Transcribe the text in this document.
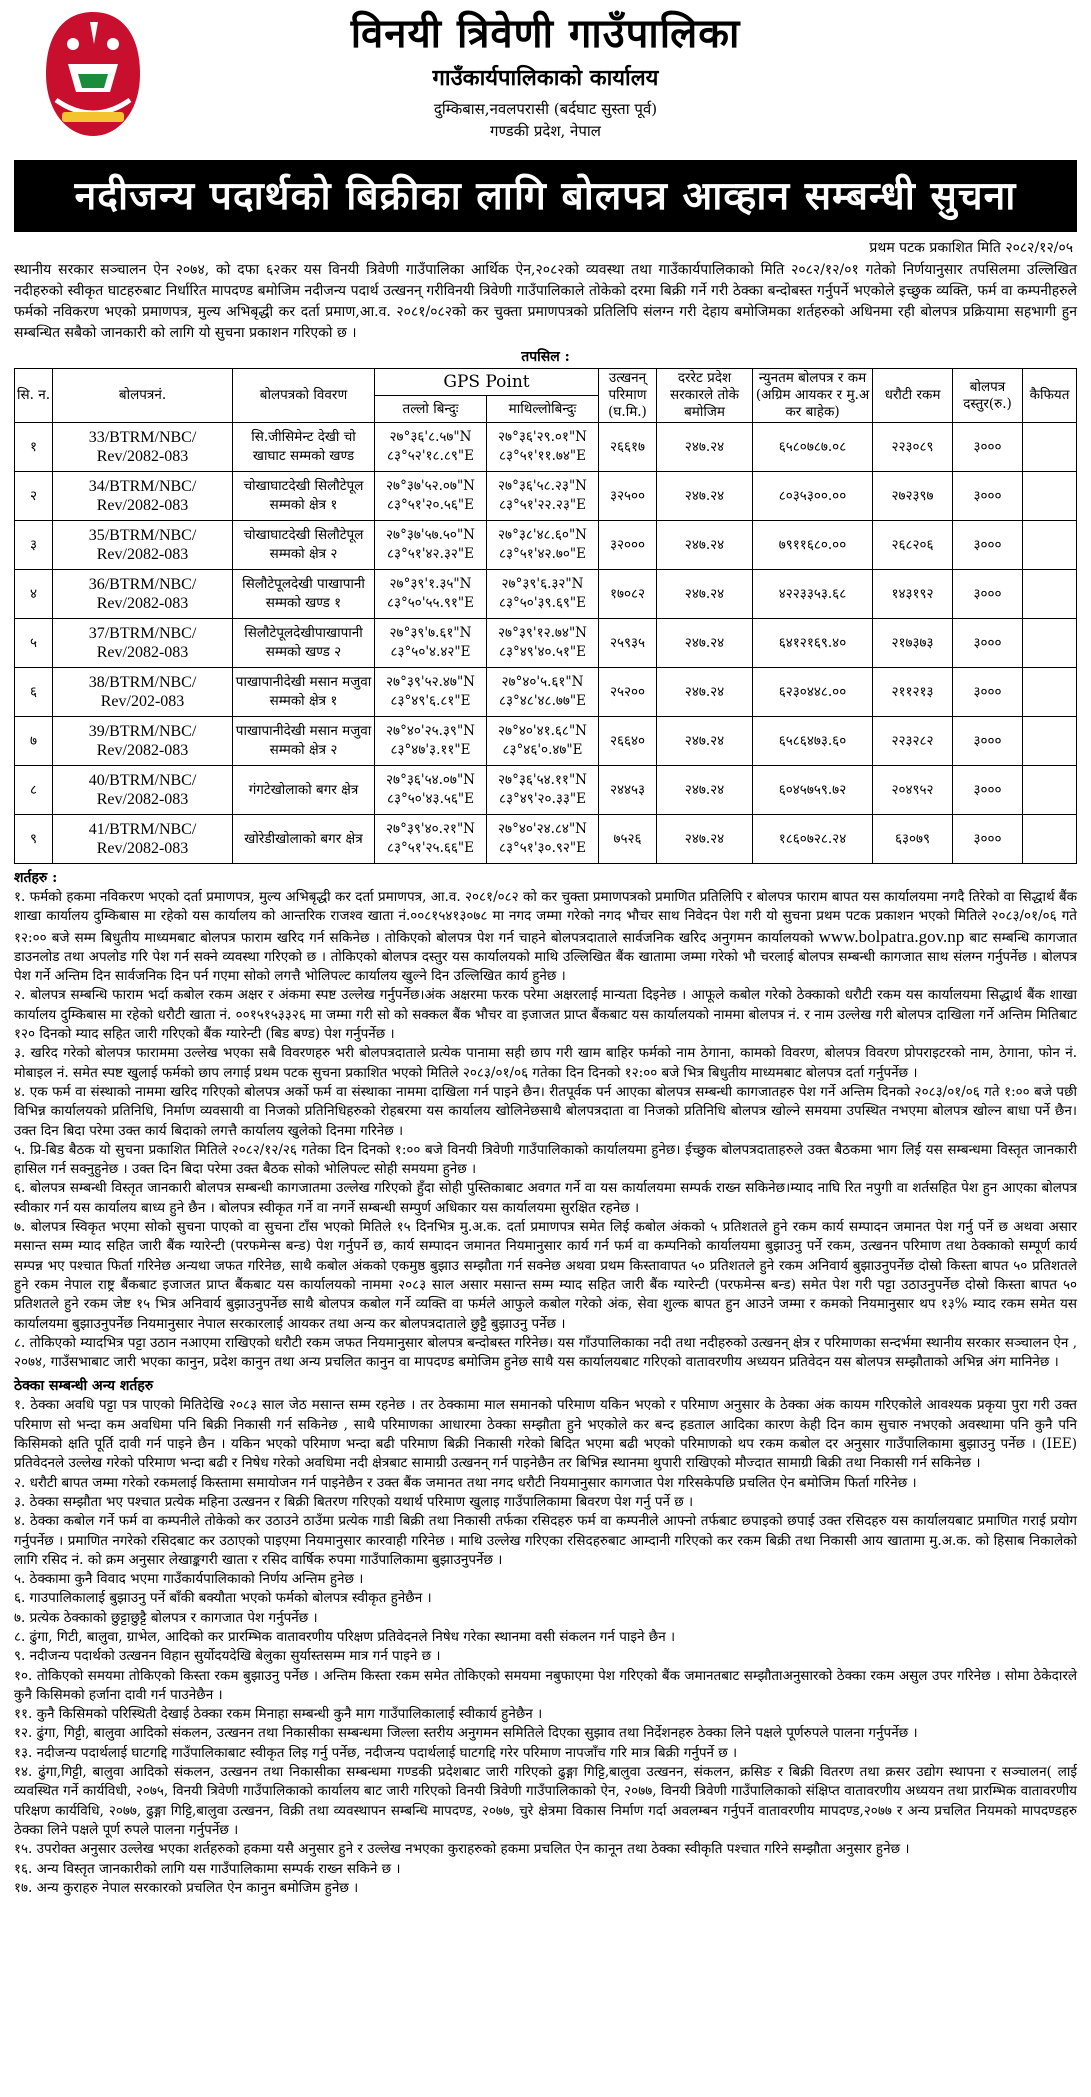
विनयी त्रिवेणी गाउँपालिका
गाउँकार्यपालिकाको कार्यालय
दुम्किबास,नवलपरासी (बर्दघाट सुस्ता पूर्व)
गण्डकी प्रदेश, नेपाल
नदीजन्य पदार्थको बिक्रीका लागि बोलपत्र आव्हान सम्बन्धी सुचना
प्रथम पटक प्रकाशित मिति २०८२/१२/०५
स्थानीय सरकार सञ्चालन ऐन २०७४, को दफा ६२कर यस विनयी त्रिवेणी गाउँपालिका आर्थिक ऐन,२०८२को व्यवस्था तथा गाउँकार्यपालिकाको मिति २०८२/१२/०१ गतेको निर्णयानुसार तपसिलमा उल्लिखित नदीहरुको स्वीकृत घाटहरुबाट निर्धारित मापदण्ड बमोजिम नदीजन्य पदार्थ उत्खनन् गरीविनयी त्रिवेणी गाउँपालिकाले तोकेको दरमा बिक्री गर्ने गरी ठेक्का बन्दोबस्त गर्नुपर्ने भएकोले इच्छुक व्यक्ति, फर्म वा कम्पनीहरुले फर्मको नविकरण भएको प्रमाणपत्र, मुल्य अभिबृद्धी कर दर्ता प्रमाण,आ.व. २०८१/०८२को कर चुक्ता प्रमाणपत्रको प्रतिलिपि संलग्न गरी देहाय बमोजिमका शर्तहरुको अधिनमा रही बोलपत्र प्रक्रियामा सहभागी हुन सम्बन्धित सबैको जानकारी को लागि यो सुचना प्रकाशन गरिएको छ ।
तपसिल :
सि. न.	बोलपत्रनं.	बोलपत्रको विवरण	GPS Point		उत्खनन् परिमाण (घ.मि.)	दररेट प्रदेश सरकारले तोके बमोजिम	न्युनतम बोलपत्र र कम (अग्रिम आयकर र मु.अ कर बाहेक)	धरौटी रकम	बोलपत्र दस्तुर(रु.)	कैफियत
			तल्लो बिन्दुः	माथिल्लोबिन्दुः						
१	33/BTRM/NBC/
Rev/2082-083	सि.जीसिमेन्ट देखी चो खाघाट सम्मको खण्ड	२७°३६'८.५७"N
८३°५२'१८.८९"E	२७°३६'२९.०१"N
८३°५१'११.७४"E	२६६१७	२४७.२४	६५८०७८७.०८	२२३०८९	३०००	
२	34/BTRM/NBC/
Rev/2082-083	चोखाघाटदेखी सिलौटेपूल सम्मको क्षेत्र १	२७°३७'५२.०७"N
८३°५१'२०.५६"E	२७°३६'५८.२३"N
८३°५१'२२.२३"E	३२५००	२४७.२४	८०३५३००.००	२७२३९७	३०००	
३	35/BTRM/NBC/
Rev/2082-083	चोखाघाटदेखी सिलौटेपूल सम्मको क्षेत्र २	२७°३७'५७.५०"N
८३°५१'४२.३२"E	२७°३८'४८.६०"N
८३°५१'४२.७०"E	३२०००	२४७.२४	७९११६८०.००	२६८२०६	३०००	
४	36/BTRM/NBC/
Rev/2082-083	सिलौटेपूलदेखी पाखापानी सम्मको खण्ड १	२७°३९'१.३५"N
८३°५०'५५.९१"E	२७°३९'६.३२"N
८३°५०'३९.६९"E	१७०८२	२४७.२४	४२२३३५३.६८	१४३१९२	३०००	
५	37/BTRM/NBC/
Rev/2082-083	सिलौटेपूलदेखीपाखापानी सम्मको खण्ड २	२७°३९'७.६१"N
८३°५०'४.४२"E	२७°३९'१२.७४"N
८३°४९'४०.५१"E	२५९३५	२४७.२४	६४१२१६९.४०	२१७३७३	३०००	
६	38/BTRM/NBC/
Rev/202-083	पाखापानीदेखी मसान मजुवा सम्मको क्षेत्र १	२७°३९'५२.४७"N
८३°४९'६.८१"E	२७°४०'५.६१"N
८३°४८'४८.७७"E	२५२००	२४७.२४	६२३०४४८.००	२११२१३	३०००	
७	39/BTRM/NBC/
Rev/2082-083	पाखापानीदेखी मसान मजुवा सम्मको क्षेत्र २	२७°४०'२५.३९"N
८३°४७'३.११"E	२७°४०'४१.६८"N
८३°४६'०.४७"E	२६६४०	२४७.२४	६५८६४७३.६०	२२३२८२	३०००	
८	40/BTRM/NBC/
Rev/2082-083	गंगटेखोलाको बगर क्षेत्र	२७°३६'५४.०७"N
८३°५०'४३.५६"E	२७°३६'५४.११"N
८३°४९'२०.३३"E	२४४५३	२४७.२४	६०४५७५९.७२	२०४९५२	३०००	
९	41/BTRM/NBC/
Rev/2082-083	खोरेडीखोलाको बगर क्षेत्र	२७°३९'४०.२१"N
८३°५१'२५.६६"E	२७°४०'२४.८४"N
८३°५१'३०.९२"E	७५२६	२४७.२४	१८६०७२८.२४	६३०७९	३०००	
शर्तहरु :
१. फर्मको हकमा नविकरण भएको दर्ता प्रमाणपत्र, मुल्य अभिबृद्धी कर दर्ता प्रमाणपत्र, आ.व. २०८१/०८२ को कर चुक्ता प्रमाणपत्रको प्रमाणित प्रतिलिपि र बोलपत्र फाराम बापत यस कार्यालयमा नगदै तिरेको वा सिद्धार्थ बैंक शाखा कार्यालय दुम्किबास मा रहेको यस कार्यालय को आन्तरिक राजश्व खाता नं.००८१५४१३०७८ मा नगद जम्मा गरेको नगद भौचर साथ निवेदन पेश गरी यो सुचना प्रथम पटक प्रकाशन भएको मितिले २०८३/०१/०६ गते १२:०० बजे सम्म बिधुतीय माध्यमबाट बोलपत्र फाराम खरिद गर्न सकिनेछ । तोकिएको बोलपत्र पेश गर्न चाहने बोलपत्रदाताले सार्वजनिक खरिद अनुगमन कार्यालयको www.bolpatra.gov.np बाट सम्बन्धि कागजात डाउनलोड तथा अपलोड गरि पेश गर्न सक्ने व्यवस्था गरिएको छ । तोकिएको बोलपत्र दस्तुर यस कार्यालयको माथि उल्लिखित बैंक खातामा जम्मा गरेको भौ चरलाई बोलपत्र सम्बन्धी कागजात साथ संलग्न गर्नुपर्नेछ । बोलपत्र पेश गर्ने अन्तिम दिन सार्वजनिक दिन पर्न गएमा सोको लगत्तै भोलिपल्ट कार्यालय खुल्ने दिन उल्लिखित कार्य हुनेछ ।
२. बोलपत्र सम्बन्धि फाराम भर्दा कबोल रकम अक्षर र अंकमा स्पष्ट उल्लेख गर्नुपर्नेछ।अंक अक्षरमा फरक परेमा अक्षरलाई मान्यता दिइनेछ । आफूले कबोल गरेको ठेक्काको धरौटी रकम यस कार्यालयमा सिद्धार्थ बैंक शाखा कार्यालय दुम्किबास मा रहेको धरौटी खाता नं. ००१५१५३३२६ मा जम्मा गरी सो को सक्कल बैंक भौचर वा इजाजत प्राप्त बैंकबाट यस कार्यालयको नाममा बोलपत्र नं. र नाम उल्लेख गरी बोलपत्र दाखिला गर्ने अन्तिम मितिबाट १२० दिनको म्याद सहित जारी गरिएको बैंक ग्यारेन्टी (बिड बण्ड) पेश गर्नुपर्नेछ ।
३. खरिद गरेको बोलपत्र फाराममा उल्लेख भएका सबै विवरणहरु भरी बोलपत्रदाताले प्रत्येक पानामा सही छाप गरी खाम बाहिर फर्मको नाम ठेगाना, कामको विवरण, बोलपत्र विवरण प्रोपराइटरको नाम, ठेगाना, फोन नं. मोबाइल नं. समेत स्पष्ट खुलाई फर्मको छाप लगाई प्रथम पटक सुचना प्रकाशित भएको मितिले २०८३/०१/०६ गतेका दिन दिनको १२:०० बजे भित्र बिधुतीय माध्यमबाट बोलपत्र दर्ता गर्नुपर्नेछ ।
४. एक फर्म वा संस्थाको नाममा खरिद गरिएको बोलपत्र अर्को फर्म वा संस्थाका नाममा दाखिला गर्न पाइने छैन। रीतपूर्वक पर्न आएका बोलपत्र सम्बन्धी कागजातहरु पेश गर्ने अन्तिम दिनको २०८३/०१/०६ गते १:०० बजे पछी विभिन्न कार्यालयको प्रतिनिधि, निर्माण व्यवसायी वा निजको प्रतिनिधिहरुको रोहबरमा यस कार्यालय खोलिनेछसाथै बोलपत्रदाता वा निजको प्रतिनिधि बोलपत्र खोल्ने समयमा उपस्थित नभएमा बोलपत्र खोल्न बाधा पर्ने छैन। उक्त दिन बिदा परेमा उक्त कार्य बिदाको लगत्तै कार्यालय खुलेको दिनमा गरिनेछ ।
५. प्रि-बिड बैठक यो सुचना प्रकाशित मितिले २०८२/१२/२६ गतेका दिन दिनको १:०० बजे विनयी त्रिवेणी गाउँपालिकाको कार्यालयमा हुनेछ। ईच्छुक बोलपत्रदाताहरुले उक्त बैठकमा भाग लिई यस सम्बन्धमा विस्तृत जानकारी हासिल गर्न सक्नुहुनेछ । उक्त दिन बिदा परेमा उक्त बैठक सोको भोलिपल्ट सोही समयमा हुनेछ ।
६. बोलपत्र सम्बन्धी विस्तृत जानकारी बोलपत्र सम्बन्धी कागजातमा उल्लेख गरिएको हुँदा सोही पुस्तिकाबाट अवगत गर्ने वा यस कार्यालयमा सम्पर्क राख्न सकिनेछ।म्याद नाघि रित नपुगी वा शर्तसहित पेश हुन आएका बोलपत्र स्वीकार गर्न यस कार्यालय बाध्य हुने छैन । बोलपत्र स्वीकृत गर्ने वा नगर्ने सम्बन्धी सम्पुर्ण अधिकार यस कार्यालयमा सुरक्षित रहनेछ ।
७. बोलपत्र स्विकृत भएमा सोको सुचना पाएको वा सुचना टाँस भएको मितिले १५ दिनभित्र मु.अ.क. दर्ता प्रमाणपत्र समेत लिई कबोल अंकको ५ प्रतिशतले हुने रकम कार्य सम्पादन जमानत पेश गर्नु पर्ने छ अथवा असार मसान्त सम्म म्याद सहित जारी बैंक ग्यारेन्टी (परफमेन्स बन्ड) पेश गर्नुपर्ने छ, कार्य सम्पादन जमानत नियमानुसार कार्य गर्न फर्म वा कम्पनिको कार्यालयमा बुझाउनु पर्ने रकम, उत्खनन परिमाण तथा ठेक्काको सम्पूर्ण कार्य सम्पन्न भए पश्चात फिर्ता गरिनेछ अन्यथा जफत गरिनेछ, साथै कबोल अंकको एकमुष्ठ बुझाउ सम्झौता गर्न सक्नेछ अथवा प्रथम किस्तावापत ५० प्रतिशतले हुने रकम अनिवार्य बुझाउनुपर्नेछ दोस्रो किस्ता बापत ५० प्रतिशतले हुने रकम नेपाल राष्ट्र बैंकबाट इजाजत प्राप्त बैंकबाट यस कार्यालयको नाममा २०८३ साल असार मसान्त सम्म म्याद सहित जारी बैंक ग्यारेन्टी (परफमेन्स बन्ड) समेत पेश गरी पट्टा उठाउनुपर्नेछ दोस्रो किस्ता बापत ५० प्रतिशतले हुने रकम जेष्ट १५ भित्र अनिवार्य बुझाउनुपर्नेछ साथै बोलपत्र कबोल गर्ने व्यक्ति वा फर्मले आफुले कबोल गरेको अंक, सेवा शुल्क बापत हुन आउने जम्मा र कमको नियमानुसार थप १३% म्याद रकम समेत यस कार्यालयमा बुझाउनुपर्नेछ नियमानुसार नेपाल सरकारलाई आयकर तथा अन्य कर बोलपत्रदाताले छुट्टै बुझाउनु पर्नेछ ।
८. तोकिएको म्यादभित्र पट्टा उठान नआएमा राखिएको धरौटी रकम जफत नियमानुसार बोलपत्र बन्दोबस्त गरिनेछ। यस गाँउपालिकाका नदी तथा नदीहरुको उत्खनन् क्षेत्र र परिमाणका सन्दर्भमा स्थानीय सरकार सञ्चालन ऐन , २०७४, गाउँसभाबाट जारी भएका कानुन, प्रदेश कानुन तथा अन्य प्रचलित कानुन वा मापदण्ड बमोजिम हुनेछ साथै यस कार्यालयबाट गरिएको वातावरणीय अध्ययन प्रतिवेदन यस बोलपत्र सम्झौताको अभिन्न अंग मानिनेछ ।
ठेक्का सम्बन्धी अन्य शर्तहरु
१. ठेक्का अवधि पट्टा पत्र पाएको मितिदेखि २०८३ साल जेठ मसान्त सम्म रहनेछ । तर ठेक्कामा माल समानको परिमाण यकिन भएको र परिमाण अनुसार के ठेक्का अंक कायम गरिएकोले आवश्यक प्रकृया पुरा गरी उक्त परिमाण सो भन्दा कम अवधिमा पनि बिक्री निकासी गर्न सकिनेछ , साथै परिमाणका आधारमा ठेक्का सम्झौता हुने भएकोले कर बन्द हडताल आदिका कारण केही दिन काम सुचारु नभएको अवस्थामा पनि कुनै पनि किसिमको क्षति पूर्ति दावी गर्न पाइने छैन । यकिन भएको परिमाण भन्दा बढी परिमाण बिक्री निकासी गरेको बिदित भएमा बढी भएको परिमाणको थप रकम कबोल दर अनुसार गाउँपालिकामा बुझाउनु पर्नेछ । (IEE) प्रतिवेदनले उल्लेख गरेको परिमाण भन्दा बढी र निषेध गरेको अवधिमा नदी क्षेत्रबाट सामाग्री उत्खनन् गर्न पाइनेछैन तर बिभिन्न स्थानमा थुपारी राखिएको मौज्दात सामाग्री बिक्री तथा निकासी गर्न सकिनेछ ।
२. धरौटी बापत जम्मा गरेको रकमलाई किस्तामा समायोजन गर्न पाइनेछैन र उक्त बैंक जमानत तथा नगद धरौटी नियमानुसार कागजात पेश गरिसकेपछि प्रचलित ऐन बमोजिम फिर्ता गरिनेछ ।
३. ठेक्का सम्झौता भए पश्चात प्रत्येक महिना उत्खनन र बिक्री बितरण गरिएको यथार्थ परिमाण खुलाइ गाउँपालिकामा बिवरण पेश गर्नु पर्ने छ ।
४. ठेक्का कबोल गर्ने फर्म वा कम्पनीले तोकेको कर उठाउने ठाउँमा प्रत्येक गाडी बिक्री तथा निकासी तर्फका रसिदहरु फर्म वा कम्पनीले आफ्नो तर्फबाट छ्पाइको छपाई उक्त रसिदहरु यस कार्यालयबाट प्रमाणित गराई प्रयोग गर्नुपर्नेछ । प्रमाणित नगरेको रसिदबाट कर उठाएको पाइएमा नियमानुसार कारवाही गरिनेछ । माथि उल्लेख गरिएका रसिदहरुबाट आम्दानी गरिएको कर रकम बिक्री तथा निकासी आय खातामा मु.अ.क. को हिसाब निकालेको लागि रसिद नं. को क्रम अनुसार लेखाङ्कगरी खाता र रसिद वार्षिक रुपमा गाउँपालिकामा बुझाउनुपर्नेछ ।
५. ठेक्कामा कुनै विवाद भएमा गाउँकार्यपालिकाको निर्णय अन्तिम हुनेछ ।
६. गाउपालिकालाई बुझाउनु पर्ने बाँकी बक्यौता भएको फर्मको बोलपत्र स्वीकृत हुनेछैन ।
७. प्रत्येक ठेक्काको छुट्टाछुट्टै बोलपत्र र कागजात पेश गर्नुपर्नेछ ।
८. ढुंगा, गिटी, बालुवा, ग्राभेल, आदिको कर प्रारम्भिक वातावरणीय परिक्षण प्रतिवेदनले निषेध गरेका स्थानमा वसी संकलन गर्न पाइने छैन ।
९. नदीजन्य पदार्थको उत्खनन विहान सुर्योदयदेखि बेलुका सुर्यास्तसम्म मात्र गर्न पाइने छ ।
१०. तोकिएको समयमा तोकिएको किस्ता रकम बुझाउनु पर्नेछ । अन्तिम किस्ता रकम समेत तोकिएको समयमा नबुफाएमा पेश गरिएको बैंक जमानतबाट सम्झौताअनुसारको ठेक्का रकम असुल उपर गरिनेछ । सोमा ठेकेदारले कुनै किसिमको हर्जाना दावी गर्न पाउनेछैन ।
११. कुनै किसिमको परिस्थिती देखाई ठेक्का रकम मिनाहा सम्बन्धी कुनै माग गाउँपालिकालाई स्वीकार्य हुनेछैन ।
१२. ढुंगा, गिट्टी, बालुवा आदिको संकलन, उत्खनन तथा निकासीका सम्बन्धमा जिल्ला स्तरीय अनुगमन समितिले दिएका सुझाव तथा निर्देशनहरु ठेक्का लिने पक्षले पूर्णरुपले पालना गर्नुपर्नेछ ।
१३. नदीजन्य पदार्थलाई घाटगद्दि गाउँपालिकाबाट स्वीकृत लिइ गर्नु पर्नेछ, नदीजन्य पदार्थलाई घाटगद्दि गरेर परिमाण नापजाँच गरि मात्र बिक्री गर्नुपर्ने छ ।
१४. ढुंगा,गिट्टी, बालुवा आदिको संकलन, उत्खनन तथा निकासीका सम्बन्धमा गण्डकी प्रदेशबाट जारी गरिएको ढुङ्गा गिट्टि,बालुवा उत्खनन, संकलन, क्रसिङ र बिक्री वितरण तथा क्रसर उद्योग स्थापना र सञ्चालन( लाई व्यवस्थित गर्ने कार्यविधी, २०७५, विनयी त्रिवेणी गाउँपालिकाको कार्यालय बाट जारी गरिएको विनयी त्रिवेणी गाउँपालिकाको ऐन, २०७७, विनयी त्रिवेणी गाउँपालिकाको संक्षिप्त वातावरणीय अध्ययन तथा प्रारम्भिक वातावरणीय परिक्षण कार्यविधि, २०७७, ढुङ्गा गिट्टि,बालुवा उत्खनन, विक्री तथा व्यवस्थापन सम्बन्धि मापदण्ड, २०७७, चुरे क्षेत्रमा विकास निर्माण गर्दा अवलम्बन गर्नुपर्ने वातावरणीय मापदण्ड,२०७७ र अन्य प्रचलित नियमको मापदण्डहरु ठेक्का लिने पक्षले पूर्ण रुपले पालना गर्नुपर्नेछ ।
१५. उपरोक्त अनुसार उल्लेख भएका शर्तहरुको हकमा यसै अनुसार हुने र उल्लेख नभएका कुराहरुको हकमा प्रचलित ऐन कानून तथा ठेक्का स्वीकृति पश्चात गरिने सम्झौता अनुसार हुनेछ ।
१६. अन्य विस्तृत जानकारीको लागि यस गाउँपालिकामा सम्पर्क राख्न सकिने छ ।
१७. अन्य कुराहरु नेपाल सरकारको प्रचलित ऐन कानुन बमोजिम हुनेछ ।
